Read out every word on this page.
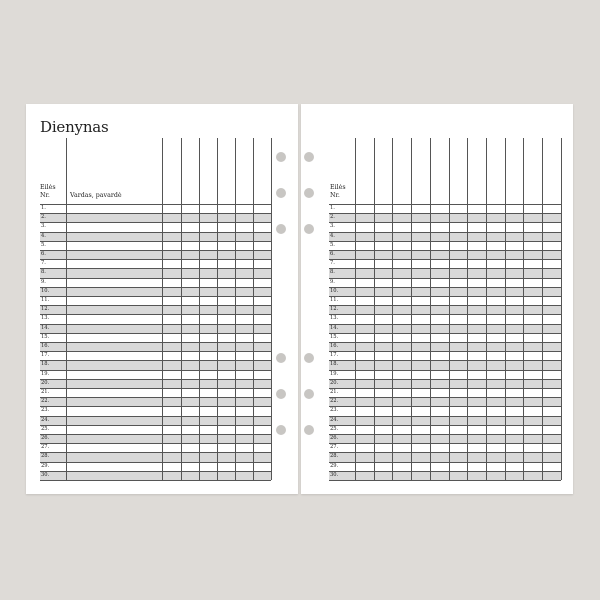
Dienynas
Eilės
Nr.	Vardas, pavardė
1.
2.
3.
4.
5.
6.
7.
8.
9.
10.
11.
12.
13.
14.
15.
16.
17.
18.
19.
20.
21.
22.
23.
24.
25.
26.
27.
28.
29.
30.
Eilės
Nr.
1.
2.
3.
4.
5.
6.
7.
8.
9.
10.
11.
12.
13.
14.
15.
16.
17.
18.
19.
20.
21.
22.
23.
24.
25.
26.
27.
28.
29.
30.
